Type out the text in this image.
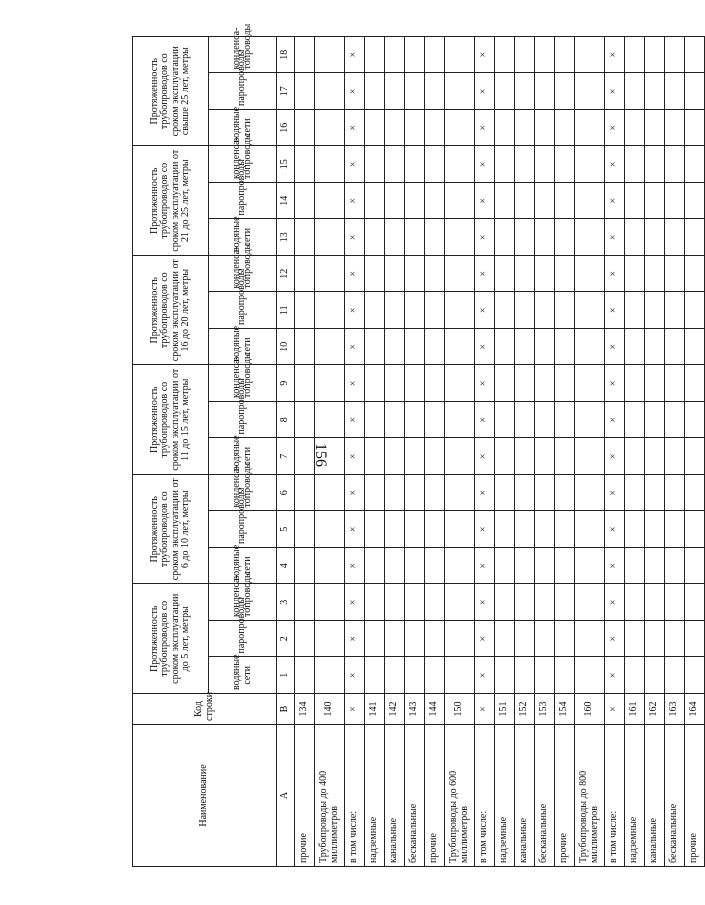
156
Наименование	Код строки	Протяженность трубопроводов со сроком эксплуатации до 5 лет, метры			Протяженность трубопроводов со сроком эксплуатации от 6 до 10 лет, метры			Протяженность трубопроводов со сроком эксплуатации от 11 до 15 лет, метры			Протяженность трубопроводов со сроком эксплуатации от 16 до 20 лет, метры			Протяженность трубопроводов со сроком эксплуатации от 21 до 25 лет, метры			Протяженность трубопроводов со сроком эксплуатации свыше 25 лет, метры		
		водяные сети	паропроводы	конденса-топроводы	водяные сети	паропроводы	конденса-топроводы	водяные сети	паропроводы	конденса-топроводы	водяные сети	паропроводы	конденса-топроводы	водяные сети	паропроводы	конденса-топроводы	водяные сети	паропроводы	конденса-топроводы
А	В	1	2	3	4	5	6	7	8	9	10	11	12	13	14	15	16	17	18
прочие	134																		
Трубопроводы до 400 миллиметров	140																		
в том числе:	×	×	×	×	×	×	×	×	×	×	×	×	×	×	×	×	×	×	×
надземные	141																		
канальные	142																		
бесканальные	143																		
прочие	144																		
Трубопроводы до 600 миллиметров	150																		
в том числе:	×	×	×	×	×	×	×	×	×	×	×	×	×	×	×	×	×	×	×
надземные	151																		
канальные	152																		
бесканальные	153																		
прочие	154																		
Трубопроводы до 800 миллиметров	160																		
в том числе:	×	×	×	×	×	×	×	×	×	×	×	×	×	×	×	×	×	×	×
надземные	161																		
канальные	162																		
бесканальные	163																		
прочие	164																		
